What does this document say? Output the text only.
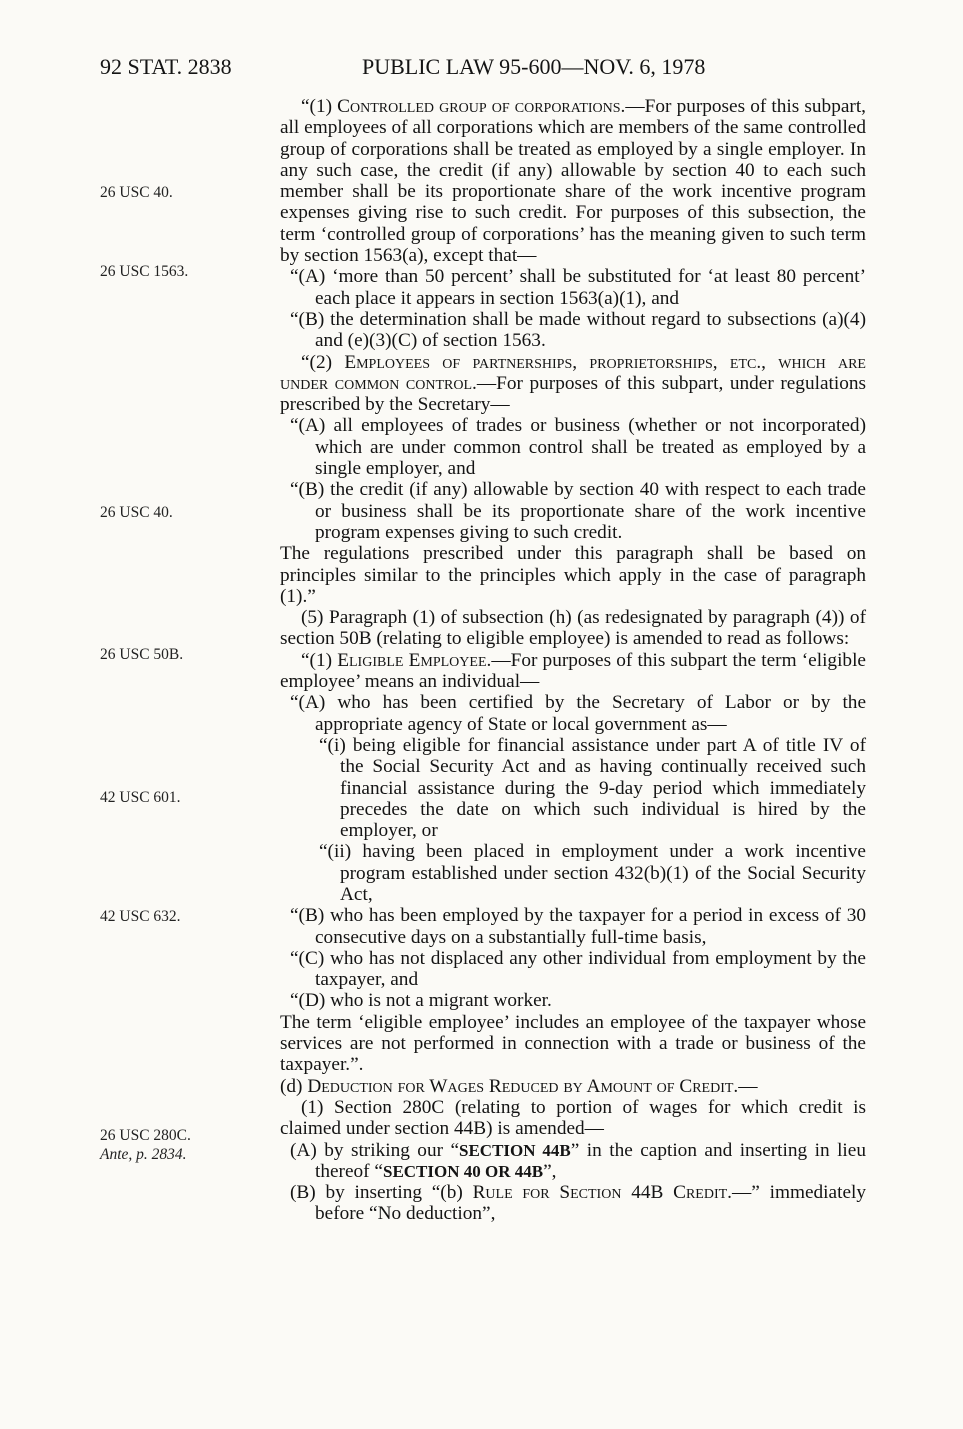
92 STAT. 2838	PUBLIC LAW 95-600—NOV. 6, 1978
26 USC 40.
26 USC 1563.
26 USC 40.
26 USC 50B.
42 USC 601.
42 USC 632.
26 USC 280C.
Ante, p. 2834.

“(1) Controlled group of corporations.—For purposes of this subpart, all employees of all corporations which are members of the same controlled group of corporations shall be treated as employed by a single employer. In any such case, the credit (if any) allowable by section 40 to each such member shall be its proportionate share of the work incentive program expenses giving rise to such credit. For purposes of this subsection, the term ‘controlled group of corporations’ has the meaning given to such term by section 1563(a), except that—

“(A) ‘more than 50 percent’ shall be substituted for ‘at least 80 percent’ each place it appears in section 1563(a)(1), and

“(B) the determination shall be made without regard to subsections (a)(4) and (e)(3)(C) of section 1563.

“(2) Employees of partnerships, proprietorships, etc., which are under common control.—For purposes of this subpart, under regulations prescribed by the Secretary—

“(A) all employees of trades or business (whether or not incorporated) which are under common control shall be treated as employed by a single employer, and

“(B) the credit (if any) allowable by section 40 with respect to each trade or business shall be its proportionate share of the work incentive program expenses giving to such credit.

The regulations prescribed under this paragraph shall be based on principles similar to the principles which apply in the case of paragraph (1).”

(5) Paragraph (1) of subsection (h) (as redesignated by paragraph (4)) of section 50B (relating to eligible employee) is amended to read as follows:

“(1) Eligible Employee.—For purposes of this subpart the term ‘eligible employee’ means an individual—

“(A) who has been certified by the Secretary of Labor or by the appropriate agency of State or local government as—

“(i) being eligible for financial assistance under part A of title IV of the Social Security Act and as having continually received such financial assistance during the 9-day period which immediately precedes the date on which such individual is hired by the employer, or

“(ii) having been placed in employment under a work incentive program established under section 432(b)(1) of the Social Security Act,

“(B) who has been employed by the taxpayer for a period in excess of 30 consecutive days on a substantially full-time basis,

“(C) who has not displaced any other individual from employment by the taxpayer, and

“(D) who is not a migrant worker.

The term ‘eligible employee’ includes an employee of the taxpayer whose services are not performed in connection with a trade or business of the taxpayer.”.

(d) Deduction for Wages Reduced by Amount of Credit.—

(1) Section 280C (relating to portion of wages for which credit is claimed under section 44B) is amended—

(A) by striking our “SECTION 44B” in the caption and inserting in lieu thereof “SECTION 40 OR 44B”,

(B) by inserting “(b) Rule for Section 44B Credit.—” immediately before “No deduction”,
